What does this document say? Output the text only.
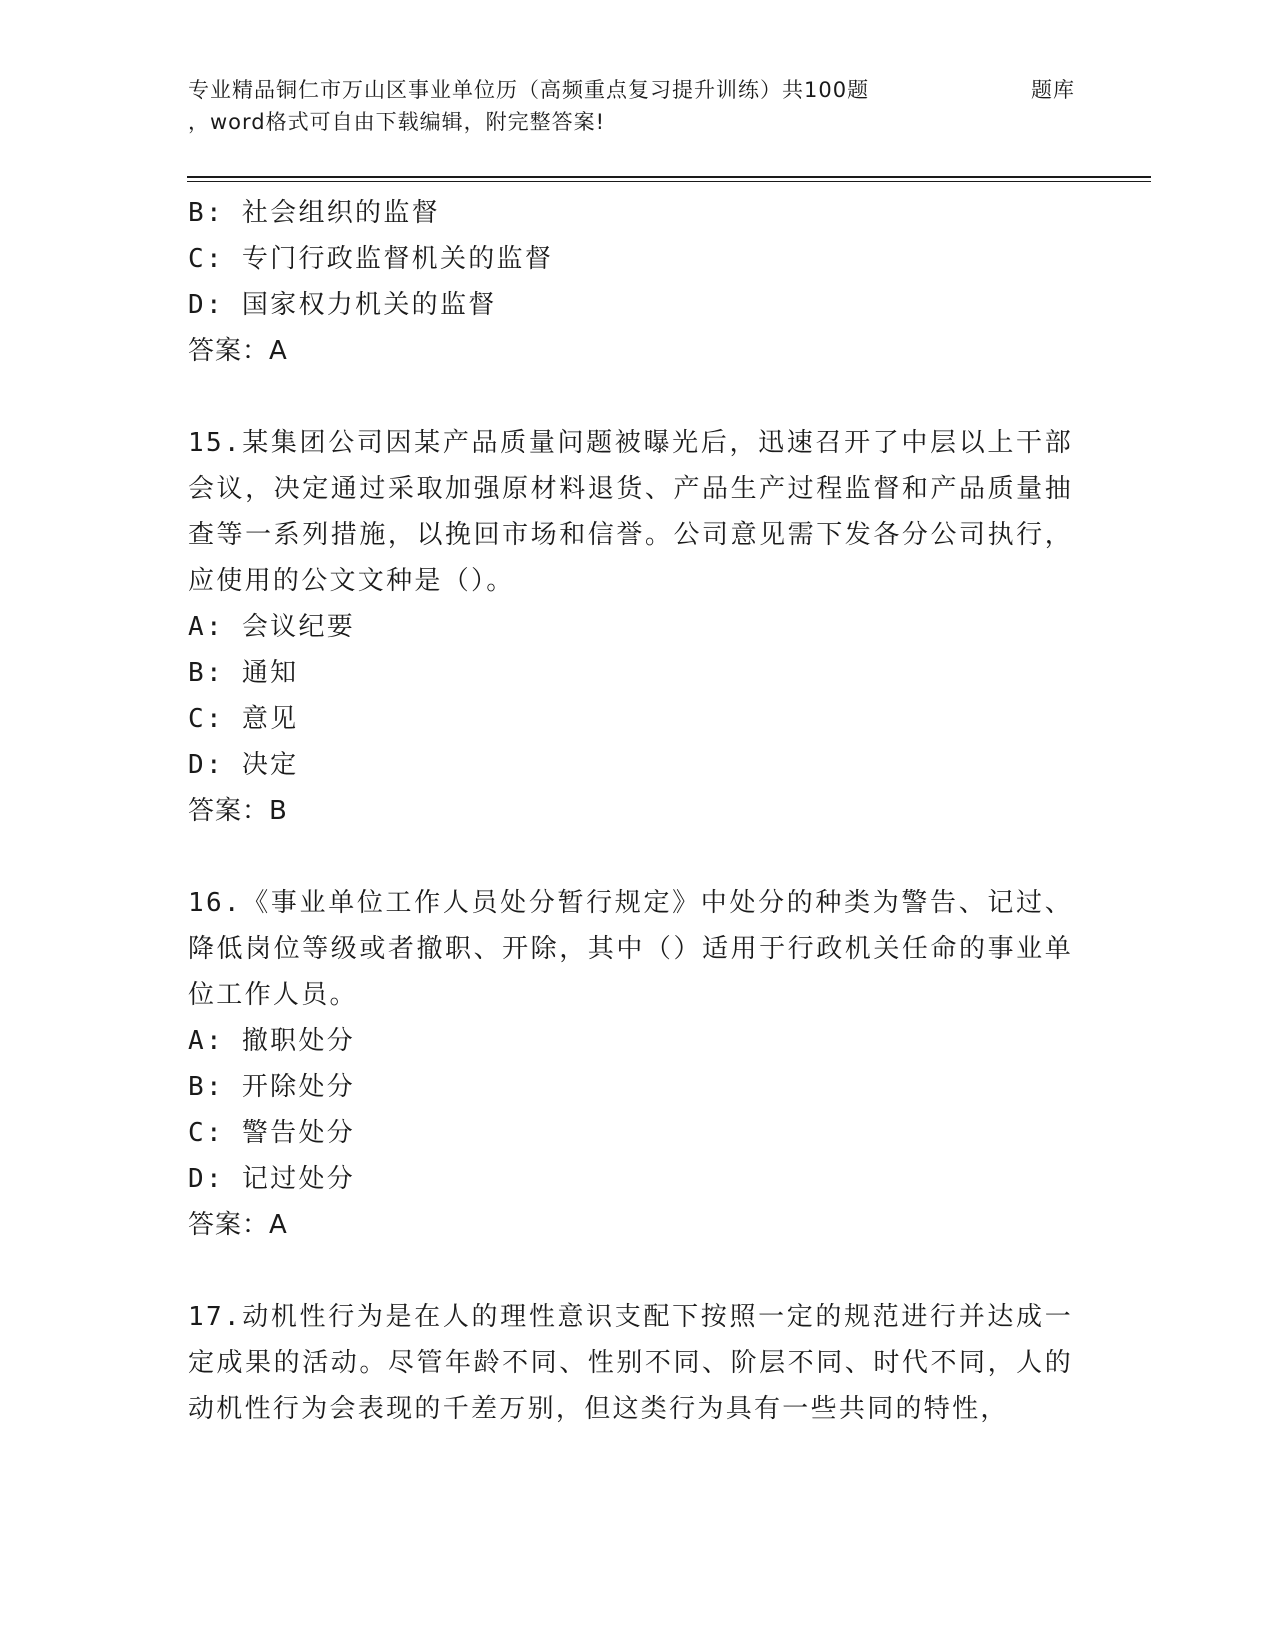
专业精品铜仁市万山区事业单位历（高频重点复习提升训练）共100题	题库
，word格式可自由下载编辑，附完整答案!
B: 社会组织的监督
C: 专门行政监督机关的监督
D: 国家权力机关的监督
答案：A
15.某集团公司因某产品质量问题被曝光后，迅速召开了中层以上干部会议，决定通过采取加强原材料退货、产品生产过程监督和产品质量抽查等一系列措施，以挽回市场和信誉。公司意见需下发各分公司执行，应使用的公文文种是（）。
A: 会议纪要
B: 通知
C: 意见
D: 决定
答案：B
16.《事业单位工作人员处分暂行规定》中处分的种类为警告、记过、降低岗位等级或者撤职、开除，其中（）适用于行政机关任命的事业单位工作人员。
A: 撤职处分
B: 开除处分
C: 警告处分
D: 记过处分
答案：A
17.动机性行为是在人的理性意识支配下按照一定的规范进行并达成一定成果的活动。尽管年龄不同、性别不同、阶层不同、时代不同，人的动机性行为会表现的千差万别，但这类行为具有一些共同的特性，
